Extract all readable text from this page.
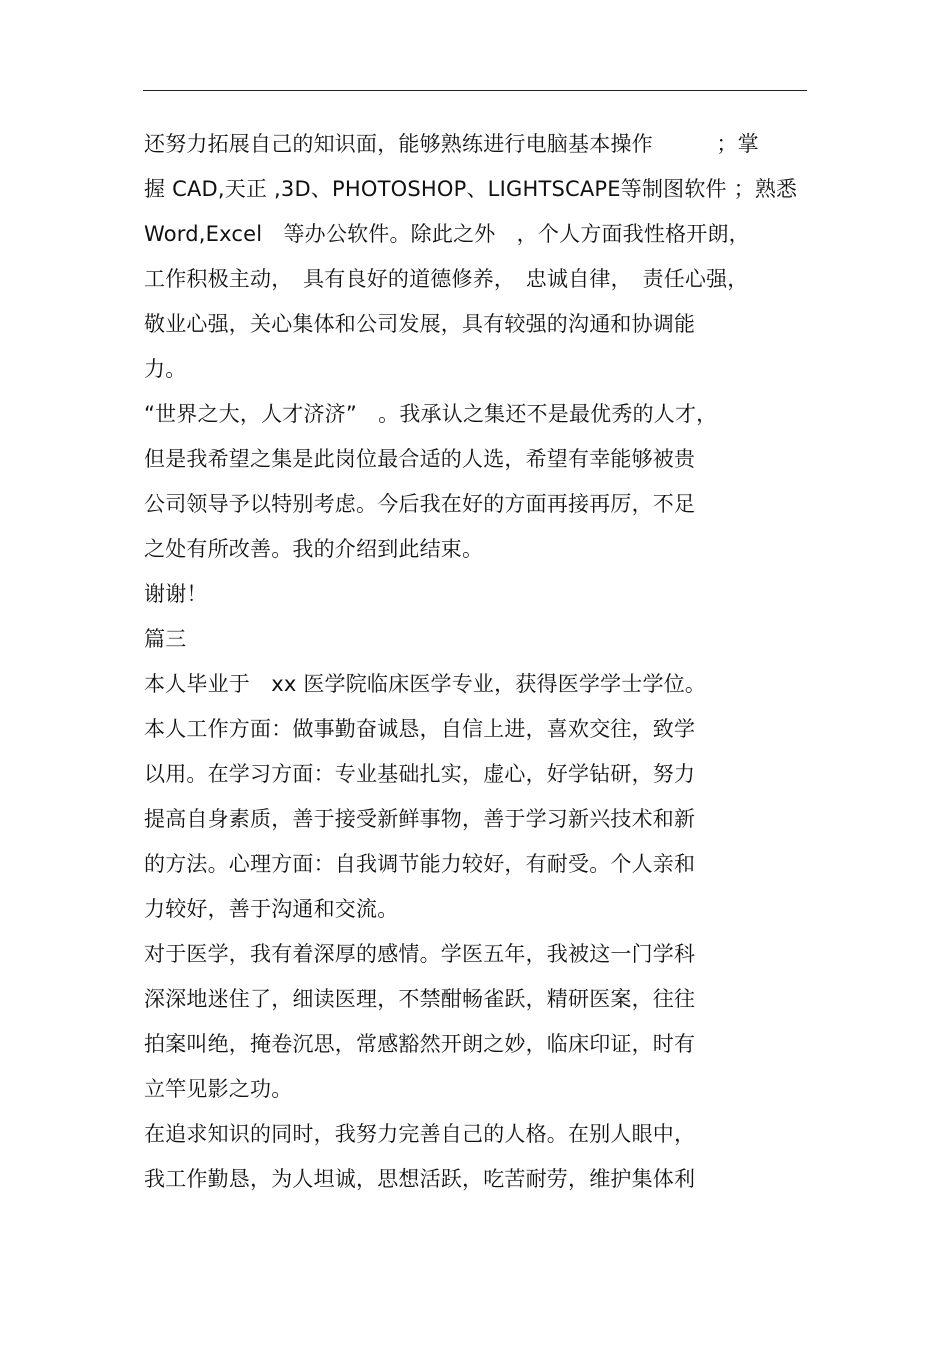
还努力拓展自己的知识面，能够熟练进行电脑基本操作　　　；掌
握 CAD,天正 ,3D、PHOTOSHOP、LIGHTSCAPE等制图软件 ；熟悉
Word,Excel　等办公软件。除此之外　，个人方面我性格开朗，
工作积极主动，　具有良好的道德修养，　忠诚自律，　责任心强，
敬业心强，关心集体和公司发展，具有较强的沟通和协调能
力。
“世界之大，人才济济”　。我承认之集还不是最优秀的人才，
但是我希望之集是此岗位最合适的人选，希望有幸能够被贵
公司领导予以特别考虑。今后我在好的方面再接再厉，不足
之处有所改善。我的介绍到此结束。
谢谢！
篇三
本人毕业于　xx 医学院临床医学专业，获得医学学士学位。
本人工作方面：做事勤奋诚恳，自信上进，喜欢交往，致学
以用。在学习方面：专业基础扎实，虚心，好学钻研，努力
提高自身素质，善于接受新鲜事物，善于学习新兴技术和新
的方法。心理方面：自我调节能力较好，有耐受。个人亲和
力较好，善于沟通和交流。
对于医学，我有着深厚的感情。学医五年，我被这一门学科
深深地迷住了，细读医理，不禁酣畅雀跃，精研医案，往往
拍案叫绝，掩卷沉思，常感豁然开朗之妙，临床印证，时有
立竿见影之功。
在追求知识的同时，我努力完善自己的人格。在别人眼中，
我工作勤恳，为人坦诚，思想活跃，吃苦耐劳，维护集体利
